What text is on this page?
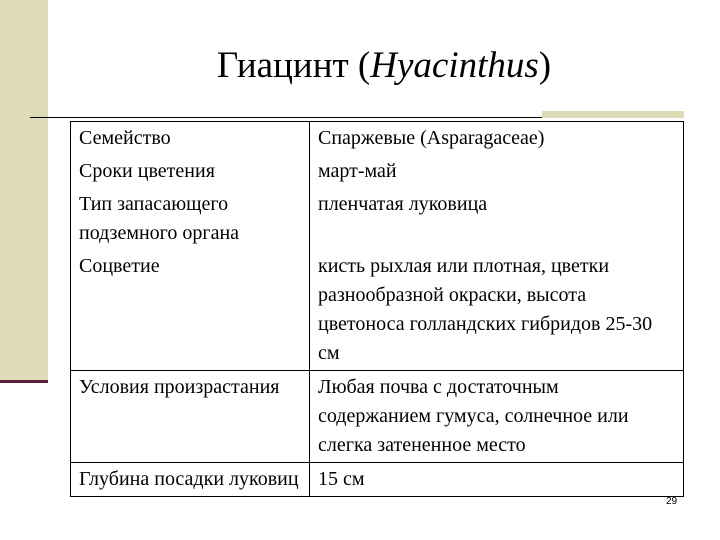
Гиацинт (Hyacinthus)
Семейство	Спаржевые (Asparagaceae)
Сроки цветения	март-май
Тип запасающего подземного органа	пленчатая луковица
Соцветие	кисть рыхлая или плотная, цветки разнообразной окраски, высота цветоноса голландских гибридов 25-30 см
Условия произрастания	Любая почва с достаточным содержанием гумуса, солнечное или слегка затененное место
Глубина посадки луковиц	15 см
29
